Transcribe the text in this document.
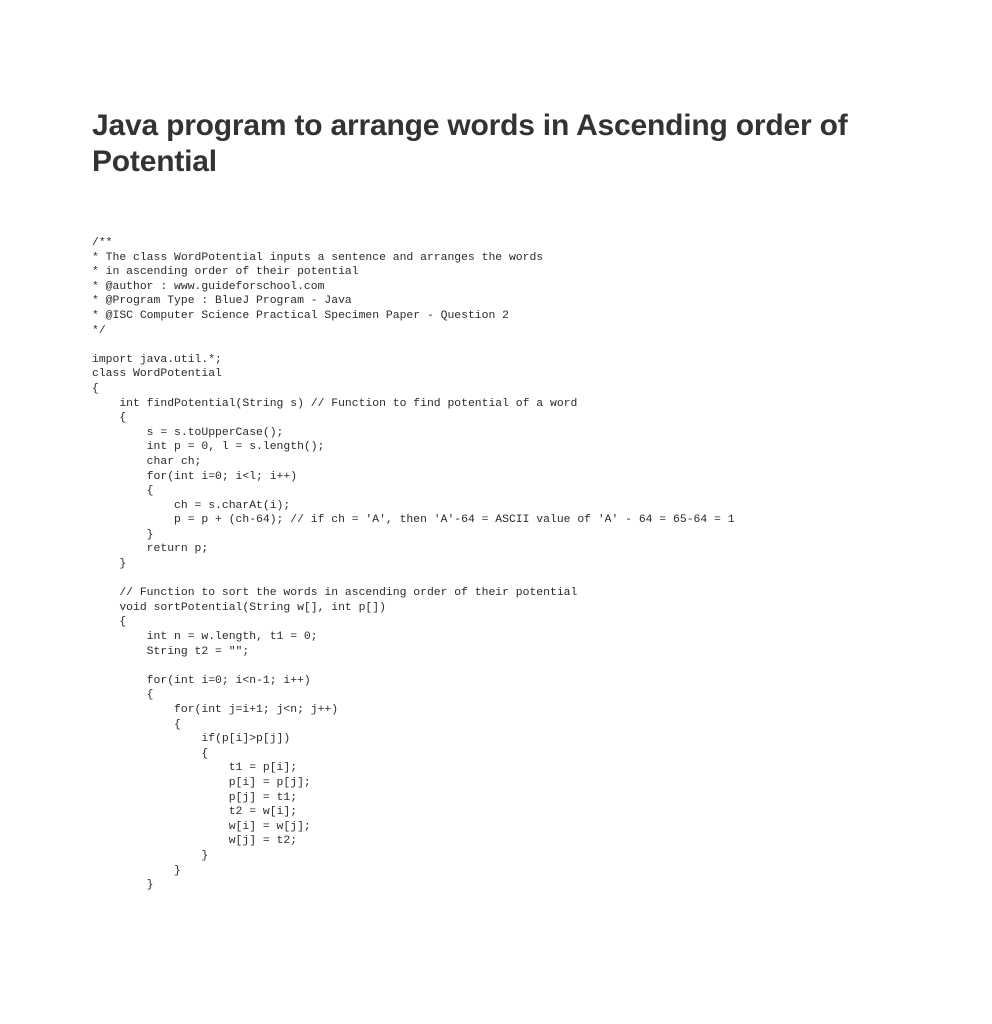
Java program to arrange words in Ascending order of
Potential
/**
* The class WordPotential inputs a sentence and arranges the words
* in ascending order of their potential
* @author : www.guideforschool.com
* @Program Type : BlueJ Program - Java
* @ISC Computer Science Practical Specimen Paper - Question 2
*/
import java.util.*;
class WordPotential
{
int findPotential(String s) // Function to find potential of a word
{
s = s.toUpperCase();
int p = 0, l = s.length();
char ch;
for(int i=0; i<l; i++)
{
ch = s.charAt(i);
p = p + (ch-64); // if ch = 'A', then 'A'-64 = ASCII value of 'A' - 64 = 65-64 = 1
}
return p;
}
// Function to sort the words in ascending order of their potential
void sortPotential(String w[], int p[])
{
int n = w.length, t1 = 0;
String t2 = "";
for(int i=0; i<n-1; i++)
{
for(int j=i+1; j<n; j++)
{
if(p[i]>p[j])
{
t1 = p[i];
p[i] = p[j];
p[j] = t1;
t2 = w[i];
w[i] = w[j];
w[j] = t2;
}
}
}
